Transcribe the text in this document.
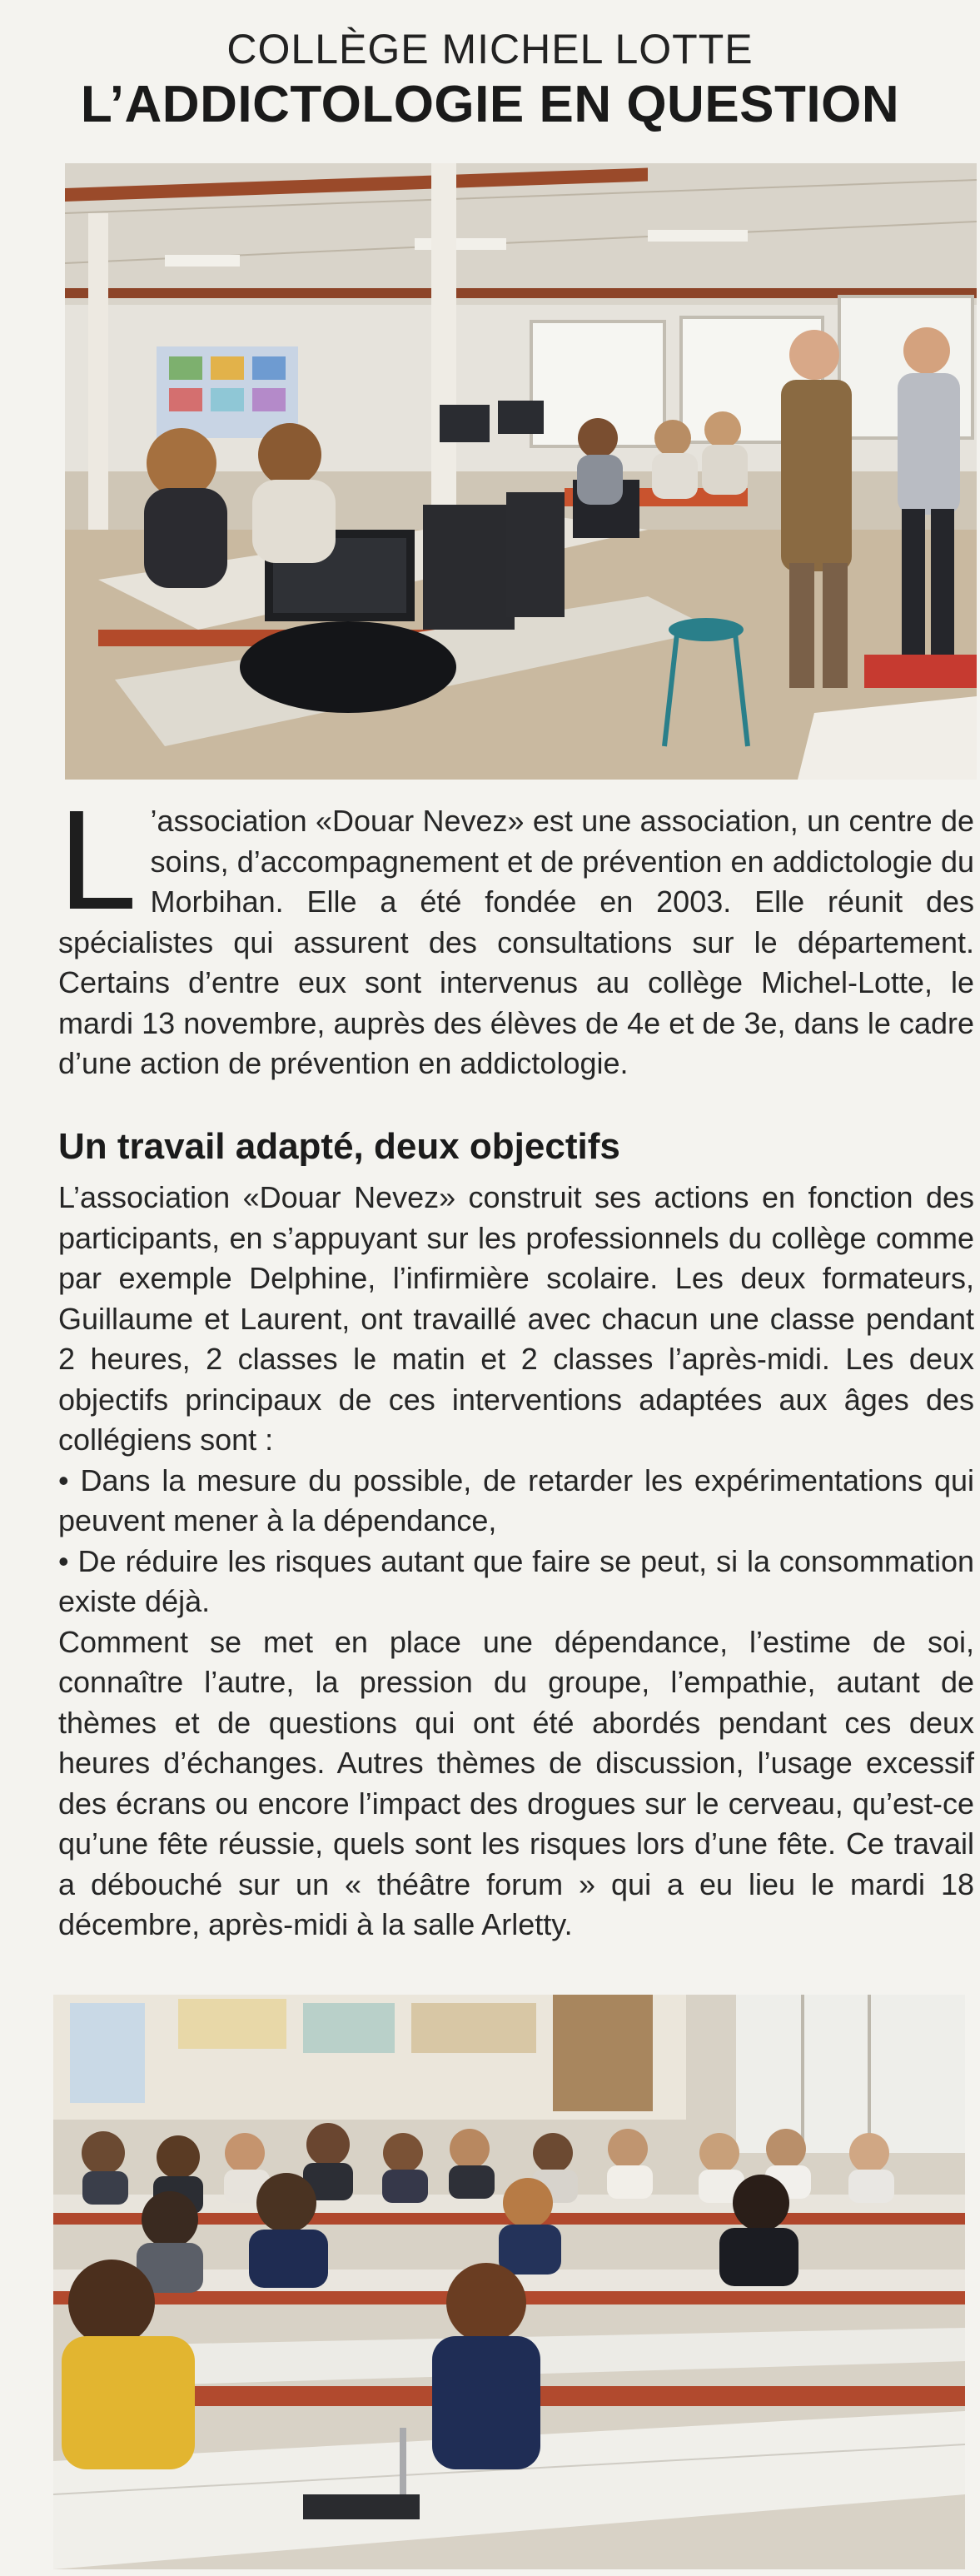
COLLÈGE MICHEL LOTTE
L’ADDICTOLOGIE EN QUESTION
L ’association «Douar Nevez» est une association, un centre de soins, d’accompagnement et de prévention en addictologie du Morbihan. Elle a été fondée en 2003. Elle réunit des spécialistes qui assurent des consultations sur le département. Certains d’entre eux sont intervenus au collège Michel-Lotte, le mardi 13 novembre, auprès des élèves de 4e et de 3e, dans le cadre d’une action de prévention en addictologie.
Un travail adapté, deux objectifs

L’association «Douar Nevez» construit ses actions en fonction des participants, en s’appuyant sur les professionnels du collège comme par exemple Delphine, l’infirmière scolaire. Les deux formateurs, Guillaume et Laurent, ont travaillé avec chacun une classe pendant 2 heures, 2 classes le matin et 2 classes l’après-midi. Les deux objectifs principaux de ces interventions adaptées aux âges des collégiens sont :

• Dans la mesure du possible, de retarder les expérimentations qui peuvent mener à la dépendance,

• De réduire les risques autant que faire se peut, si la consommation existe déjà.

Comment se met en place une dépendance, l’estime de soi, connaître l’autre, la pression du groupe, l’empathie, autant de thèmes et de questions qui ont été abordés pendant ces deux heures d’échanges. Autres thèmes de discussion, l’usage excessif des écrans ou encore l’impact des drogues sur le cerveau, qu’est-ce qu’une fête réussie, quels sont les risques lors d’une fête. Ce travail a débouché sur un « théâtre forum » qui a eu lieu le mardi 18 décembre, après-midi à la salle Arletty.
